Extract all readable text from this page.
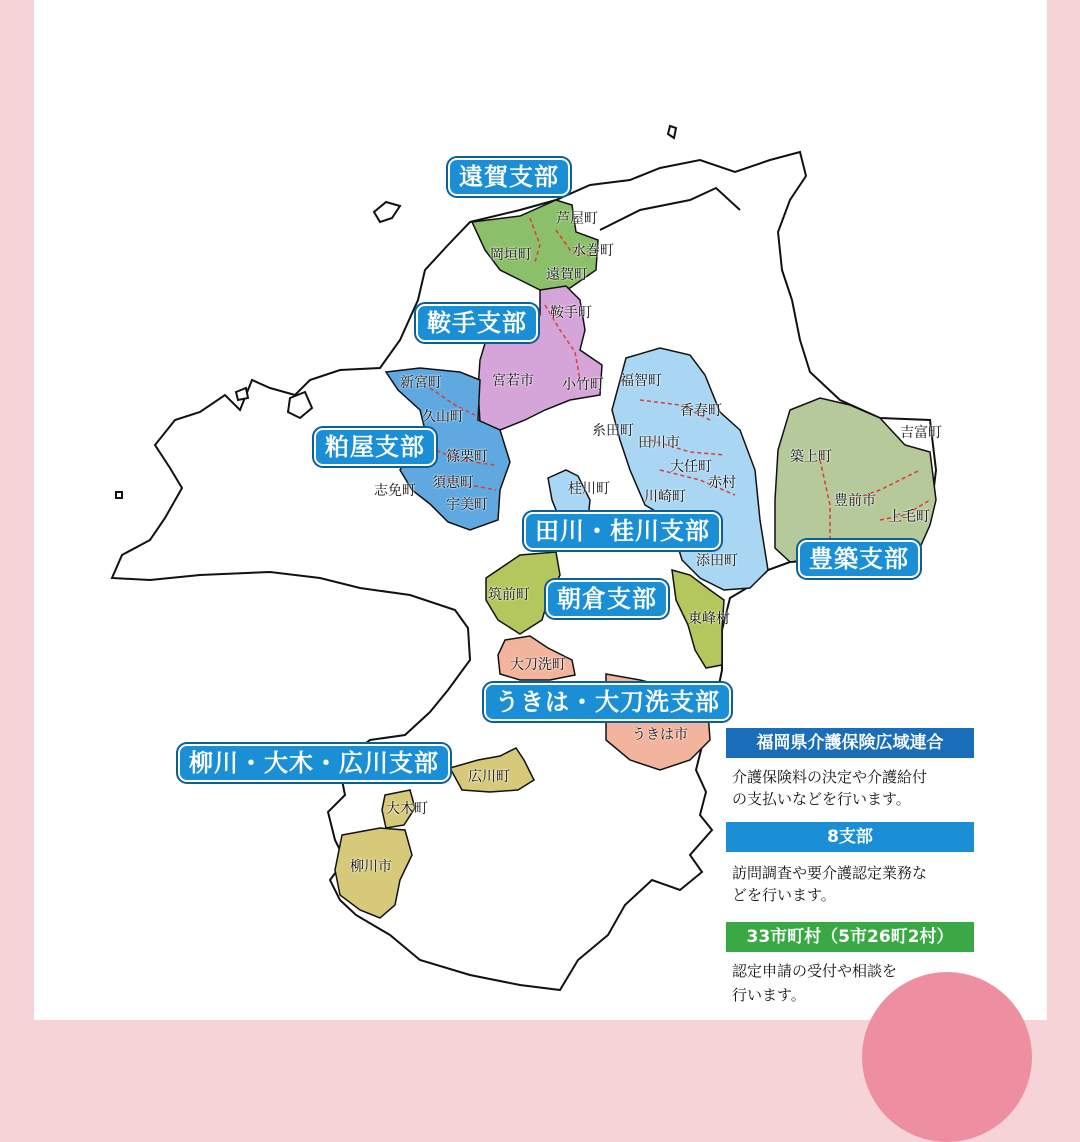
遠賀支部
鞍手支部
粕屋支部
田川・桂川支部
豊築支部
朝倉支部
うきは・大刀洗支部
柳川・大木・広川支部
芦屋町
岡垣町	水巻町
遠賀町
鞍手町
宮若市 小竹町 福智町
新宮町
久山町	香春町
糸田町
田川市
篠栗町
大任町
赤村
志免町 須恵町
宇美町
桂川町 川崎町
添田町
築上町
吉富町
豊前市
上毛町
筑前町
東峰村
大刀洗町
うきは市
広川町
大木町
柳川市
福岡県介護保険広域連合
介護保険料の決定や介護給付
の支払いなどを行います。
8支部
訪問調査や要介護認定業務な
どを行います。
33市町村（5市26町2村）
認定申請の受付や相談を
行います。
